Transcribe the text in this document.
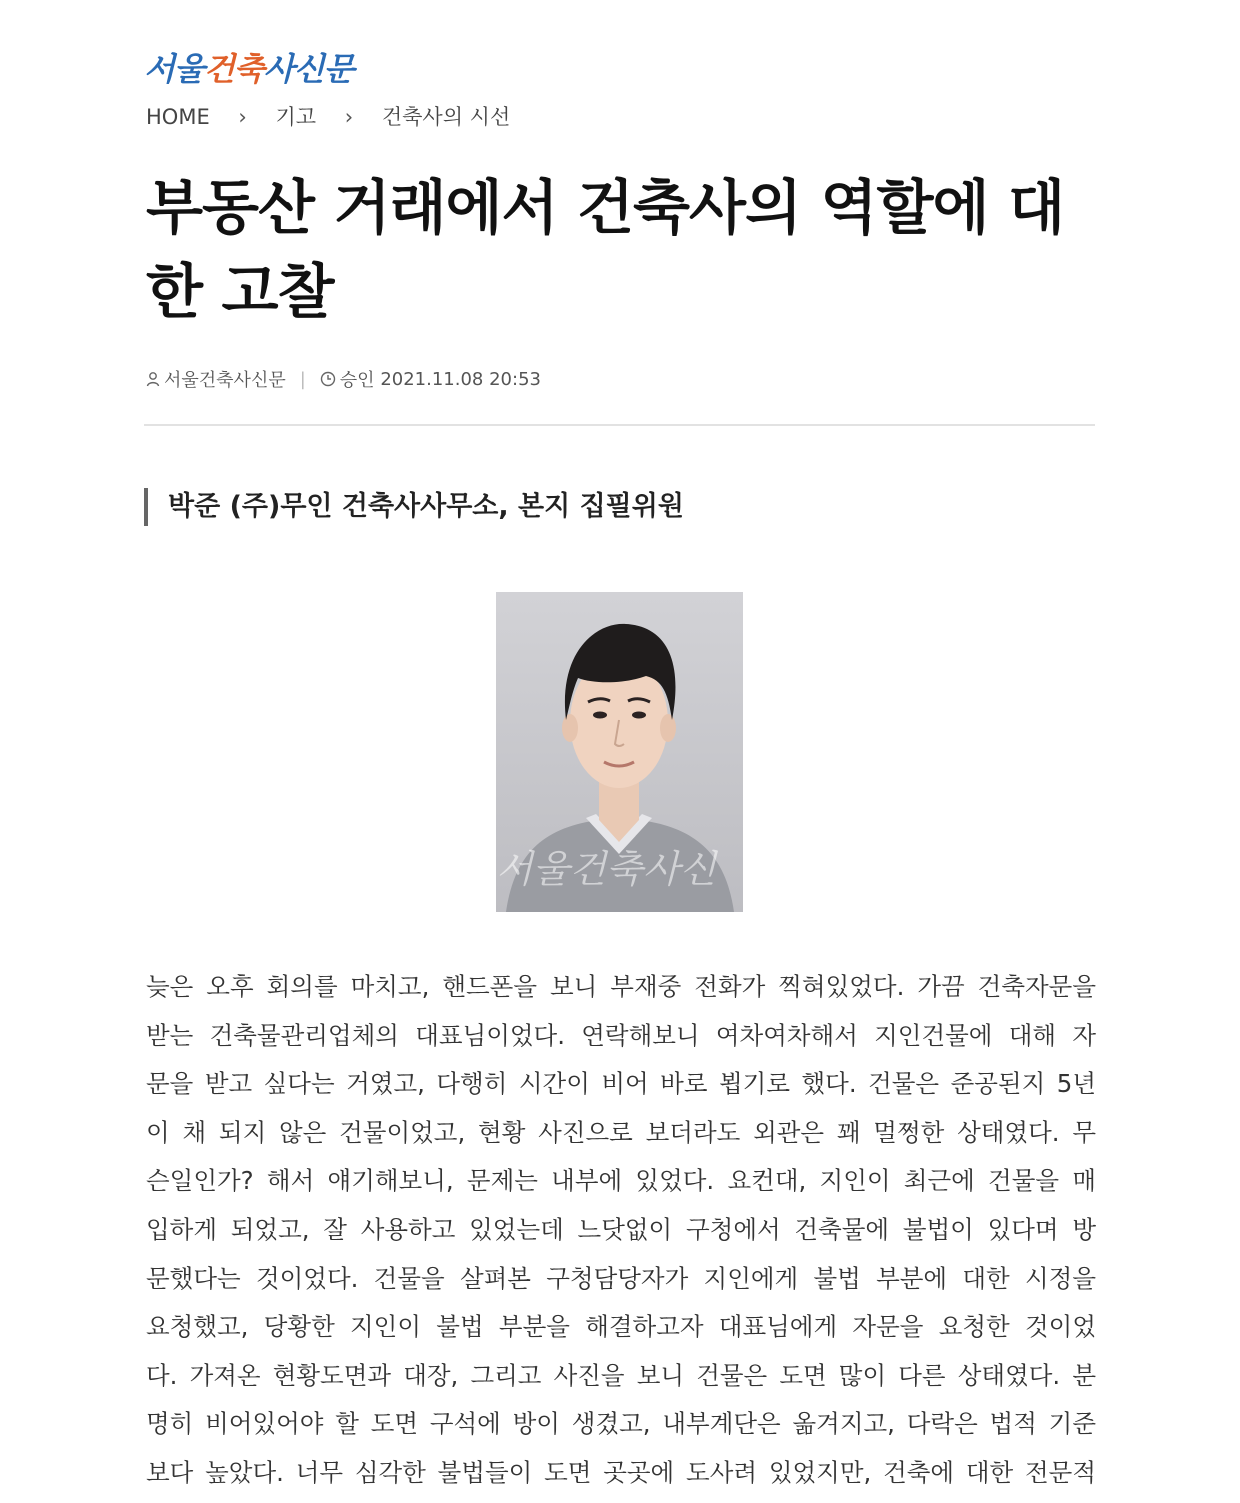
서울건축사신문
HOME › 기고 › 건축사의 시선
부동산 거래에서 건축사의 역할에 대한 고찰
서울건축사신문 | 승인
2021.11.08 20:53
박준 (주)무인 건축사사무소, 본지 집필위원
서울건축사신
늦은 오후 회의를 마치고, 핸드폰을 보니 부재중 전화가 찍혀있었다. 가끔 건축자문을
받는 건축물관리업체의 대표님이었다. 연락해보니 여차여차해서 지인건물에 대해 자
문을 받고 싶다는 거였고, 다행히 시간이 비어 바로 뵙기로 했다. 건물은 준공된지 5년
이 채 되지 않은 건물이었고, 현황 사진으로 보더라도 외관은 꽤 멀쩡한 상태였다. 무
슨일인가? 해서 얘기해보니, 문제는 내부에 있었다. 요컨대, 지인이 최근에 건물을 매
입하게 되었고, 잘 사용하고 있었는데 느닷없이 구청에서 건축물에 불법이 있다며 방
문했다는 것이었다. 건물을 살펴본 구청담당자가 지인에게 불법 부분에 대한 시정을
요청했고, 당황한 지인이 불법 부분을 해결하고자 대표님에게 자문을 요청한 것이었
다. 가져온 현황도면과 대장, 그리고 사진을 보니 건물은 도면 많이 다른 상태였다. 분
명히 비어있어야 할 도면 구석에 방이 생겼고, 내부계단은 옮겨지고, 다락은 법적 기준
보다 높았다. 너무 심각한 불법들이 도면 곳곳에 도사려 있었지만, 건축에 대한 전문적
